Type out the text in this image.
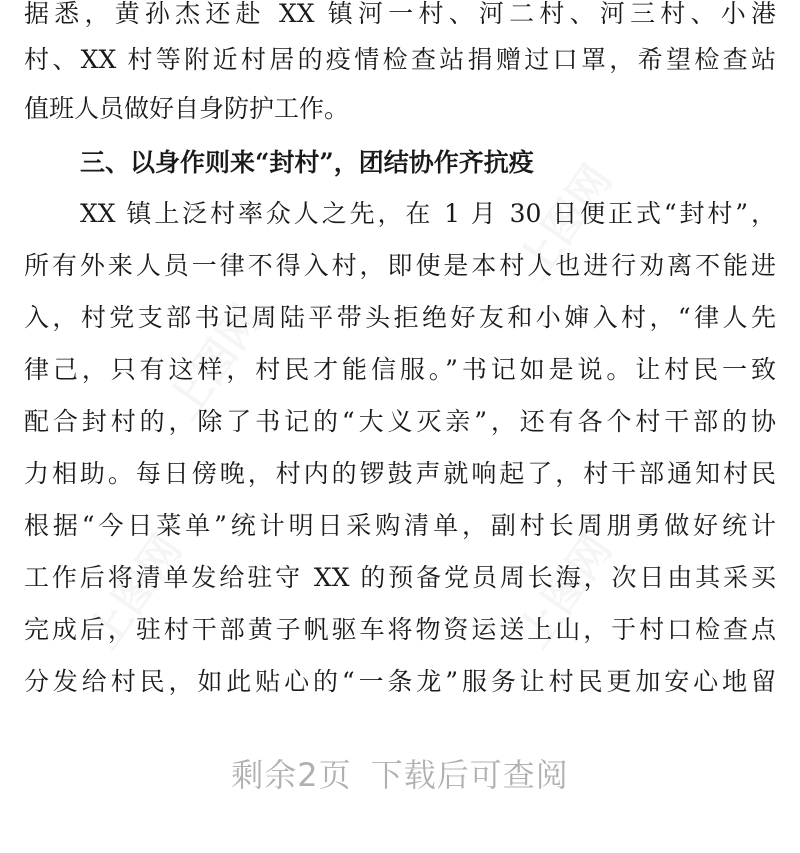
上图网
上图网
上图网	上图网
据悉，黄孙杰还赴 XX 镇河一村、河二村、河三村、小港
村、XX 村等附近村居的疫情检查站捐赠过口罩，希望检查站
值班人员做好自身防护工作。
三、以身作则来“封村”，团结协作齐抗疫
XX 镇上泛村率众人之先，在 1 月 30 日便正式“封村”，
所有外来人员一律不得入村，即使是本村人也进行劝离不能进
入，村党支部书记周陆平带头拒绝好友和小婶入村，“律人先
律己，只有这样，村民才能信服。”书记如是说。让村民一致
配合封村的，除了书记的“大义灭亲”，还有各个村干部的协
力相助。每日傍晚，村内的锣鼓声就响起了，村干部通知村民
根据“今日菜单”统计明日采购清单，副村长周朋勇做好统计
工作后将清单发给驻守 XX 的预备党员周长海，次日由其采买
完成后，驻村干部黄子帆驱车将物资运送上山，于村口检查点
分发给村民，如此贴心的“一条龙”服务让村民更加安心地留
剩余2页 下载后可查阅
